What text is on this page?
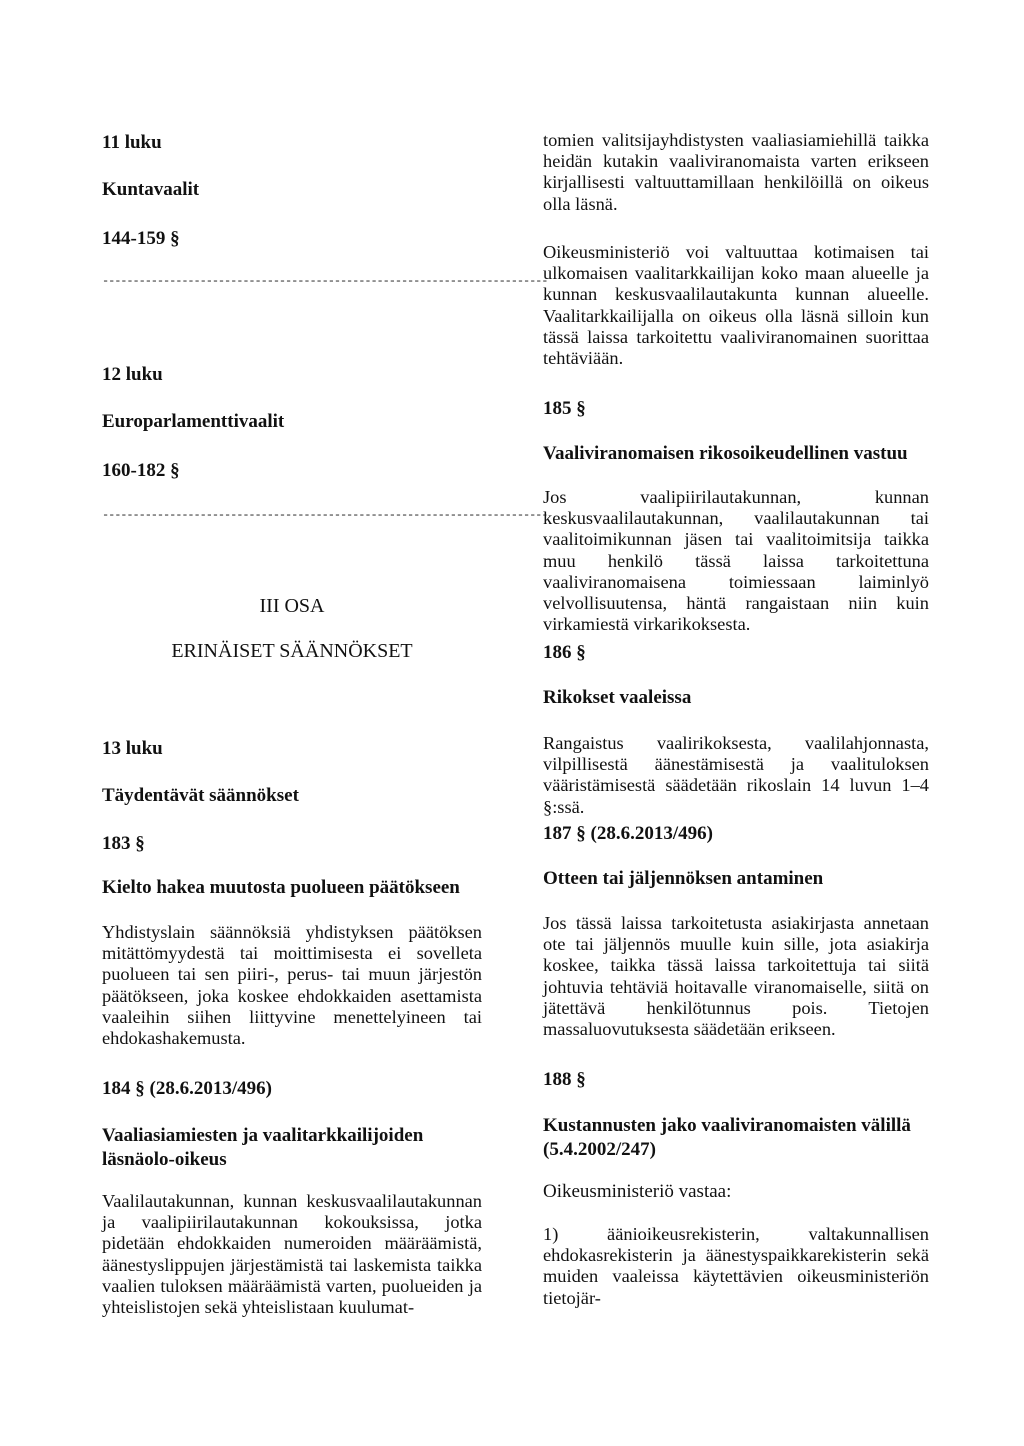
11 luku

Kuntavaalit

144-159 §

-------------------------------------------------------------------------

12 luku

Europarlamenttivaalit

160-182 §

-------------------------------------------------------------------------

III OSA

ERINÄISET SÄÄNNÖKSET

13 luku

Täydentävät säännökset

183 §

Kielto hakea muutosta puolueen päätökseen

Yhdistyslain säännöksiä yhdistyksen päätöksen mitättömyydestä tai moittimisesta ei sovelleta puolueen tai sen piiri-, perus- tai muun järjestön päätökseen, joka koskee ehdokkaiden asettamista vaaleihin siihen liittyvine menettelyineen tai ehdokashakemusta.

184 § (28.6.2013/496)

Vaaliasiamiesten ja vaalitarkkailijoiden läsnäolo-oikeus

Vaalilautakunnan, kunnan keskusvaalilautakunnan ja vaalipiirilautakunnan kokouksissa, jotka pidetään ehdokkaiden numeroiden määräämistä, äänestyslippujen järjestämistä tai laskemista taikka vaalien tuloksen määräämistä varten, puolueiden ja yhteislistojen sekä yhteislistaan kuulumat-

tomien valitsijayhdistysten vaaliasiamiehillä taikka heidän kutakin vaaliviranomaista varten erikseen kirjallisesti valtuuttamillaan henkilöillä on oikeus olla läsnä.

Oikeusministeriö voi valtuuttaa kotimaisen tai ulkomaisen vaalitarkkailijan koko maan alueelle ja kunnan keskusvaalilautakunta kunnan alueelle. Vaalitarkkailijalla on oikeus olla läsnä silloin kun tässä laissa tarkoitettu vaaliviranomainen suorittaa tehtäviään.

185 §

Vaaliviranomaisen rikosoikeudellinen vastuu

Jos vaalipiirilautakunnan, kunnan keskusvaalilautakunnan, vaalilautakunnan tai vaalitoimikunnan jäsen tai vaalitoimitsija taikka muu henkilö tässä laissa tarkoitettuna vaaliviranomaisena toimiessaan laiminlyö velvollisuutensa, häntä rangaistaan niin kuin virkamiestä virkarikoksesta.

186 §

Rikokset vaaleissa

Rangaistus vaalirikoksesta, vaalilahjonnasta, vilpillisestä äänestämisestä ja vaalituloksen vääristämisestä säädetään rikoslain 14 luvun 1–4 §:ssä.

187 § (28.6.2013/496)

Otteen tai jäljennöksen antaminen

Jos tässä laissa tarkoitetusta asiakirjasta annetaan ote tai jäljennös muulle kuin sille, jota asiakirja koskee, taikka tässä laissa tarkoitettuja tai siitä johtuvia tehtäviä hoitavalle viranomaiselle, siitä on jätettävä henkilötunnus pois. Tietojen massaluovutuksesta säädetään erikseen.

188 §

Kustannusten jako vaaliviranomaisten välillä (5.4.2002/247)

Oikeusministeriö vastaa:

1) äänioikeusrekisterin, valtakunnallisen ehdokasrekisterin ja äänestyspaikkarekisterin sekä muiden vaaleissa käytettävien oikeusministeriön tietojär-
